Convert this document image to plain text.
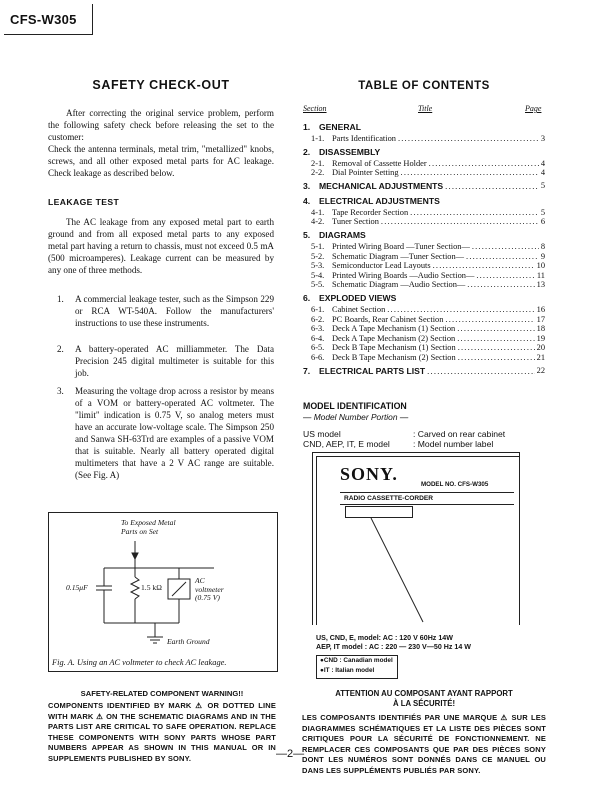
CFS-W305
SAFETY CHECK-OUT
After correcting the original service problem, perform the following safety check before releasing the set to the customer:
Check the antenna terminals, metal trim, "metallized" knobs, screws, and all other exposed metal parts for AC leakage. Check leakage as described below.
LEAKAGE TEST
The AC leakage from any exposed metal part to earth ground and from all exposed metal parts to any exposed metal part having a return to chassis, must not exceed 0.5 mA (500 microamperes). Leakage current can be measured by any one of three methods.
1. A commercial leakage tester, such as the Simpson 229 or RCA WT-540A. Follow the manufacturers' instructions to use these instruments.
2. A battery-operated AC milliammeter. The Data Precision 245 digital multimeter is suitable for this job.
3. Measuring the voltage drop across a resistor by means of a VOM or battery-operated AC voltmeter. The "limit" indication is 0.75 V, so analog meters must have an accurate low-voltage scale. The Simpson 250 and Sanwa SH-63Trd are examples of a passive VOM that is suitable. Nearly all battery operated digital multimeters that have a 2 V AC range are suitable. (See Fig. A)
To Exposed Metal
Parts on Set
0.15μF	1.5 kΩ
AC
voltmeter
(0.75 V)
Earth Ground
Fig. A. Using an AC voltmeter to check AC leakage.
SAFETY-RELATED COMPONENT WARNING!!
COMPONENTS IDENTIFIED BY MARK ⚠ OR DOTTED LINE WITH MARK ⚠ ON THE SCHEMATIC DIAGRAMS AND IN THE PARTS LIST ARE CRITICAL TO SAFE OPERATION. REPLACE THESE COMPONENTS WITH SONY PARTS WHOSE PART NUMBERS APPEAR AS SHOWN IN THIS MANUAL OR IN SUPPLEMENTS PUBLISHED BY SONY.
TABLE OF CONTENTS
Section	Title	Page
1.	GENERAL
1-1. Parts Identification .....	3
2.	DISASSEMBLY
2-1. Removal of Cassette Holder .....	4
2-2. Dial Pointer Setting .....	4
3.	MECHANICAL ADJUSTMENTS .....	5
4.	ELECTRICAL ADJUSTMENTS
4-1. Tape Recorder Section .....	5
4-2. Tuner Section .....	6
5.	DIAGRAMS
5-1. Printed Wiring Board —Tuner Section— .....	8
5-2. Schematic Diagram —Tuner Section— .....	9
5-3. Semiconductor Lead Layouts .....	10
5-4. Printed Wiring Boards —Audio Section— .....	11
5-5. Schematic Diagram —Audio Section— .....	13
6.	EXPLODED VIEWS
6-1. Cabinet Section .....	16
6-2. PC Boards, Rear Cabinet Section .....	17
6-3. Deck A Tape Mechanism (1) Section .....	18
6-4. Deck A Tape Mechanism (2) Section .....	19
6-5. Deck B Tape Mechanism (1) Section .....	20
6-6. Deck B Tape Mechanism (2) Section .....	21
7.	ELECTRICAL PARTS LIST .....	22
MODEL IDENTIFICATION
— Model Number Portion —
US model	: Carved on rear cabinet
CND, AEP, IT, E model	: Model number label
SONY.
MODEL NO. CFS-W305
RADIO CASSETTE-CORDER
US, CND, E, model: AC : 120 V 60Hz 14W
AEP, IT model : AC : 220 — 230 V—50 Hz 14 W
●CND : Canadian model
●IT : Italian model
ATTENTION AU COMPOSANT AYANT RAPPORT
À LA SÉCURITÉ!
LES COMPOSANTS IDENTIFIÉS PAR UNE MARQUE ⚠ SUR LES DIAGRAMMES SCHÉMATIQUES ET LA LISTE DES PIÈCES SONT CRITIQUES POUR LA SÉCURITÉ DE FONCTIONNEMENT. NE REMPLACER CES COMPOSANTS QUE PAR DES PIÈCES SONY DONT LES NUMÉROS SONT DONNÉS DANS CE MANUEL OU DANS LES SUPPLÉMENTS PUBLIÉS PAR SONY.
—2—
